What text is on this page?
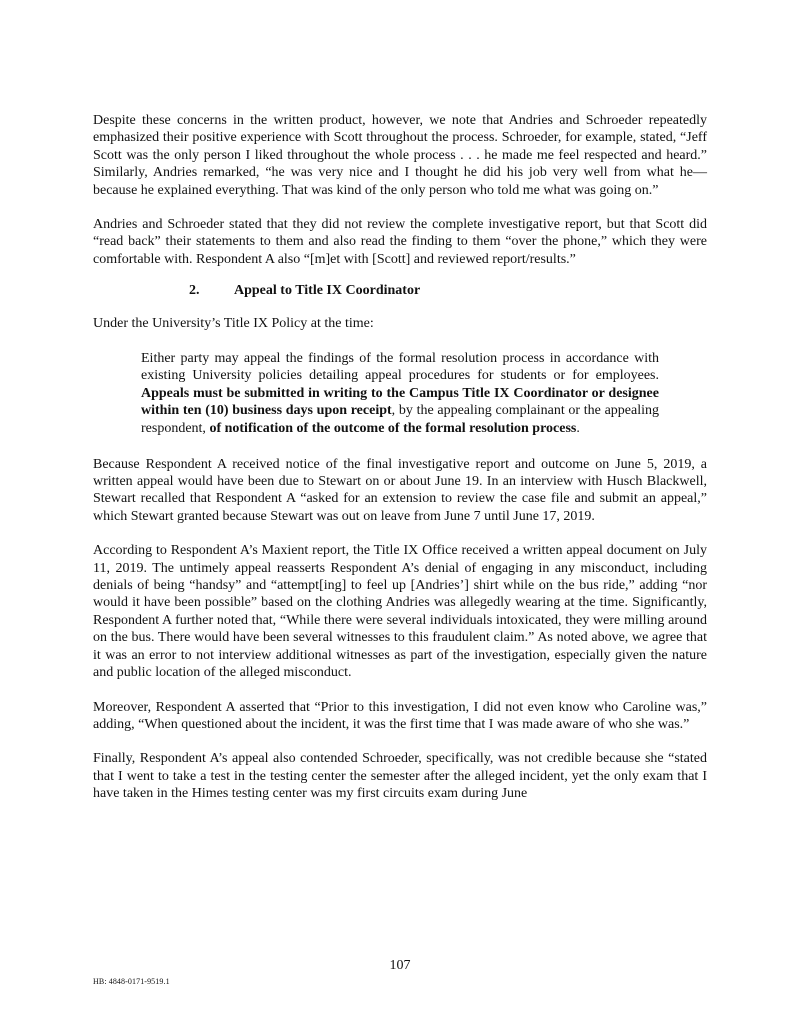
Despite these concerns in the written product, however, we note that Andries and Schroeder repeatedly emphasized their positive experience with Scott throughout the process. Schroeder, for example, stated, “Jeff Scott was the only person I liked throughout the whole process . . . he made me feel respected and heard.” Similarly, Andries remarked, “he was very nice and I thought he did his job very well from what he—because he explained everything. That was kind of the only person who told me what was going on.”

Andries and Schroeder stated that they did not review the complete investigative report, but that Scott did “read back” their statements to them and also read the finding to them “over the phone,” which they were comfortable with. Respondent A also “[m]et with [Scott] and reviewed report/results.”

2. Appeal to Title IX Coordinator

Under the University’s Title IX Policy at the time:

Either party may appeal the findings of the formal resolution process in accordance with existing University policies detailing appeal procedures for students or for employees. Appeals must be submitted in writing to the Campus Title IX Coordinator or designee within ten (10) business days upon receipt, by the appealing complainant or the appealing respondent, of notification of the outcome of the formal resolution process.

Because Respondent A received notice of the final investigative report and outcome on June 5, 2019, a written appeal would have been due to Stewart on or about June 19. In an interview with Husch Blackwell, Stewart recalled that Respondent A “asked for an extension to review the case file and submit an appeal,” which Stewart granted because Stewart was out on leave from June 7 until June 17, 2019.

According to Respondent A’s Maxient report, the Title IX Office received a written appeal document on July 11, 2019. The untimely appeal reasserts Respondent A’s denial of engaging in any misconduct, including denials of being “handsy” and “attempt[ing] to feel up [Andries’] shirt while on the bus ride,” adding “nor would it have been possible” based on the clothing Andries was allegedly wearing at the time. Significantly, Respondent A further noted that, “While there were several individuals intoxicated, they were milling around on the bus. There would have been several witnesses to this fraudulent claim.” As noted above, we agree that it was an error to not interview additional witnesses as part of the investigation, especially given the nature and public location of the alleged misconduct.

Moreover, Respondent A asserted that “Prior to this investigation, I did not even know who Caroline was,” adding, “When questioned about the incident, it was the first time that I was made aware of who she was.”

Finally, Respondent A’s appeal also contended Schroeder, specifically, was not credible because she “stated that I went to take a test in the testing center the semester after the alleged incident, yet the only exam that I have taken in the Himes testing center was my first circuits exam during June

107
HB: 4848-0171-9519.1
